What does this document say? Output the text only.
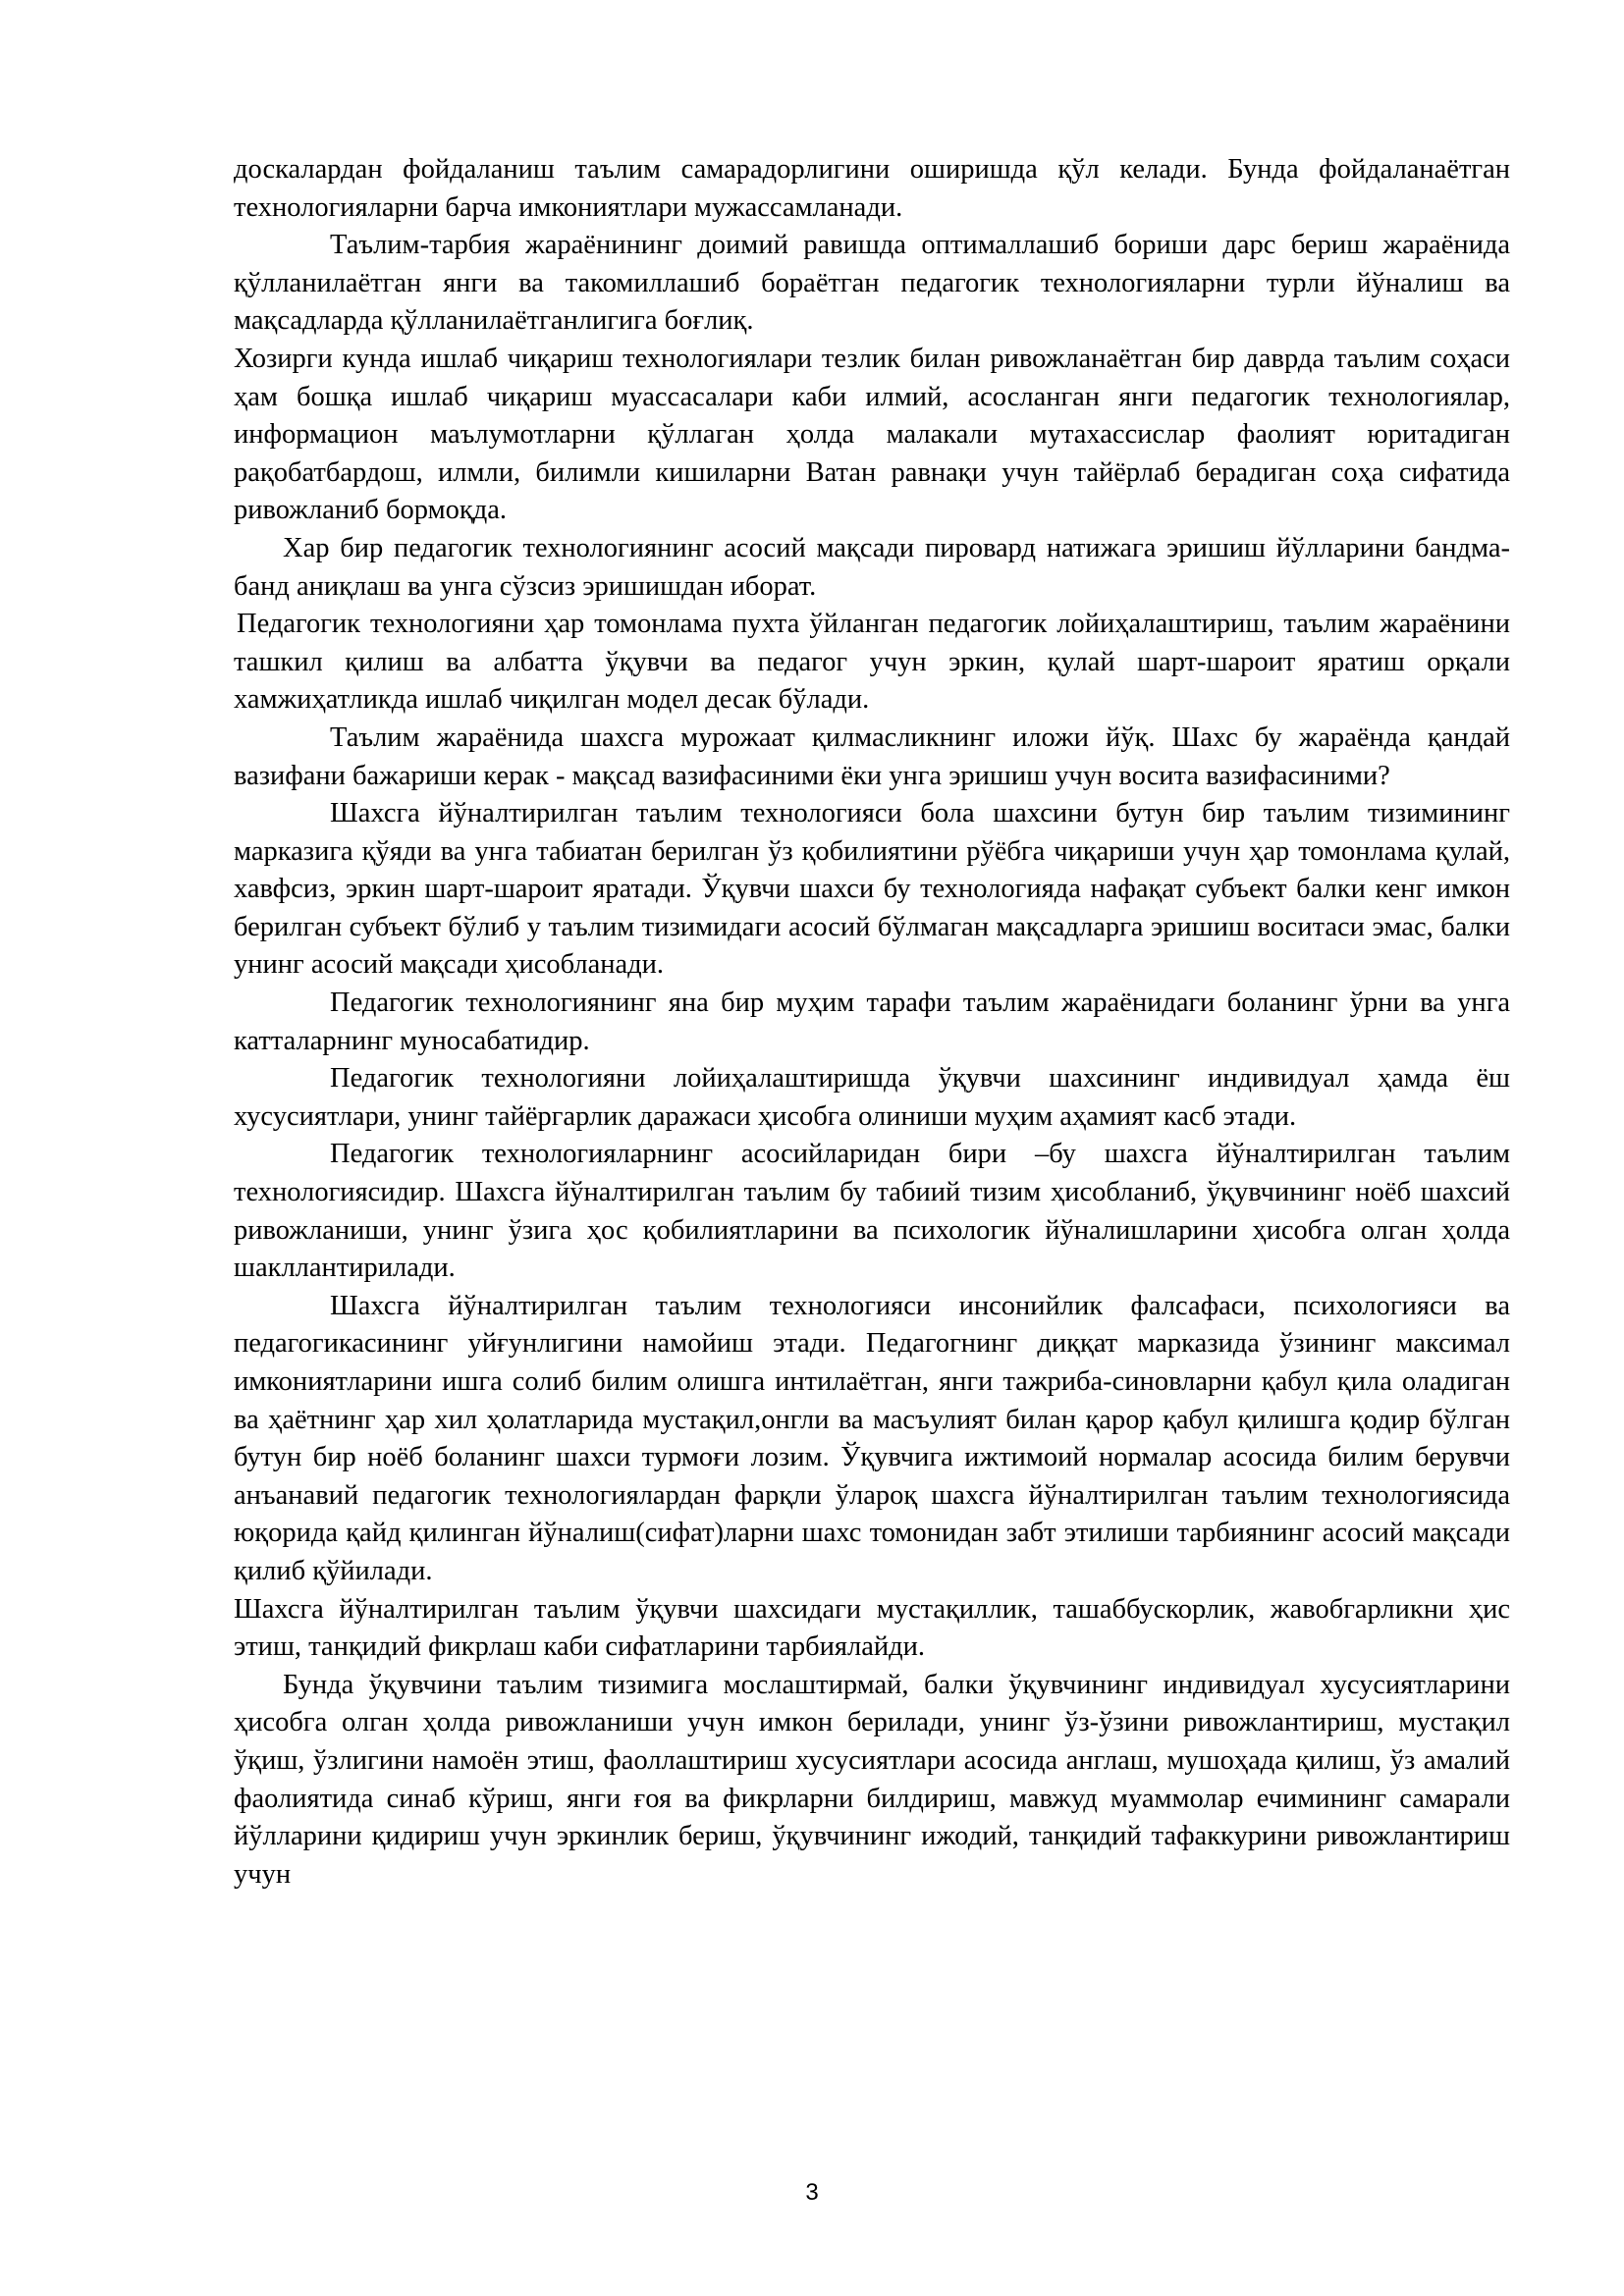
доскалардан фойдаланиш таълим самарадорлигини оширишда қўл келади. Бунда фойдаланаётган технологияларни барча имкониятлари мужассамланади.

Таълим-тарбия жараёнининг доимий равишда оптималлашиб бориши дарс бериш жараёнида қўлланилаётган янги ва такомиллашиб бораётган педагогик технологияларни турли йўналиш ва мақсадларда қўлланилаётганлигига боғлиқ.

Хозирги кунда ишлаб чиқариш технологиялари тезлик билан ривожланаётган бир даврда таълим соҳаси ҳам бошқа ишлаб чиқариш муассасалари каби илмий, асосланган янги педагогик технологиялар, информацион маълумотларни қўллаган ҳолда малакали мутахассислар фаолият юритадиган рақобатбардош, илмли, билимли кишиларни Ватан равнақи учун тайёрлаб берадиган соҳа сифатида ривожланиб бормоқда.

Хар бир педагогик технологиянинг асосий мақсади пировард натижага эришиш йўлларини бандма-банд аниқлаш ва унга сўзсиз эришишдан иборат.

Педагогик технологияни ҳар томонлама пухта ўйланган педагогик лойиҳалаштириш, таълим жараёнини ташкил қилиш ва албатта ўқувчи ва педагог учун эркин, қулай шарт-шароит яратиш орқали хамжиҳатликда ишлаб чиқилган модел десак бўлади.

Таълим жараёнида шахсга мурожаат қилмасликнинг иложи йўқ. Шахс бу жараёнда қандай вазифани бажариши керак - мақсад вазифасиними ёки унга эришиш учун восита вазифасиними?

Шахсга йўналтирилган таълим технологияси бола шахсини бутун бир таълим тизимининг марказига қўяди ва унга табиатан берилган ўз қобилиятини рўёбга чиқариши учун ҳар томонлама қулай, хавфсиз, эркин шарт-шароит яратади. Ўқувчи шахси бу технологияда нафақат субъект балки кенг имкон берилган субъект бўлиб у таълим тизимидаги асосий бўлмаган мақсадларга эришиш воситаси эмас, балки унинг асосий мақсади ҳисобланади.

Педагогик технологиянинг яна бир муҳим тарафи таълим жараёнидаги боланинг ўрни ва унга катталарнинг муносабатидир.

Педагогик технологияни лойиҳалаштиришда ўқувчи шахсининг индивидуал ҳамда ёш хусусиятлари, унинг тайёргарлик даражаси ҳисобга олиниши муҳим аҳамият касб этади.

Педагогик технологияларнинг асосийларидан бири –бу шахсга йўналтирилган таълим технологиясидир. Шахсга йўналтирилган таълим бу табиий тизим ҳисобланиб, ўқувчининг ноёб шахсий ривожланиши, унинг ўзига ҳос қобилиятларини ва психологик йўналишларини ҳисобга олган ҳолда шакллантирилади.

Шахсга йўналтирилган таълим технологияси инсонийлик фалсафаси, психологияси ва педагогикасининг уйғунлигини намойиш этади. Педагогнинг диққат марказида ўзининг максимал имкониятларини ишга солиб билим олишга интилаётган, янги тажриба-синовларни қабул қила оладиган ва ҳаётнинг ҳар хил ҳолатларида мустақил,онгли ва масъулият билан қарор қабул қилишга қодир бўлган бутун бир ноёб боланинг шахси турмоғи лозим. Ўқувчига ижтимоий нормалар асосида билим берувчи анъанавий педагогик технологиялардан фарқли ўлароқ шахсга йўналтирилган таълим технологиясида юқорида қайд қилинган йўналиш(сифат)ларни шахс томонидан забт этилиши тарбиянинг асосий мақсади қилиб қўйилади.

Шахсга йўналтирилган таълим ўқувчи шахсидаги мустақиллик, ташаббускорлик, жавобгарликни ҳис этиш, танқидий фикрлаш каби сифатларини тарбиялайди.

Бунда ўқувчини таълим тизимига мослаштирмай, балки ўқувчининг индивидуал хусусиятларини ҳисобга олган ҳолда ривожланиши учун имкон берилади, унинг ўз-ўзини ривожлантириш, мустақил ўқиш, ўзлигини намоён этиш, фаоллаштириш хусусиятлари асосида англаш, мушоҳада қилиш, ўз амалий фаолиятида синаб кўриш, янги ғоя ва фикрларни билдириш, мавжуд муаммолар ечимининг самарали йўлларини қидириш учун эркинлик бериш, ўқувчининг ижодий, танқидий тафаккурини ривожлантириш учун

3
